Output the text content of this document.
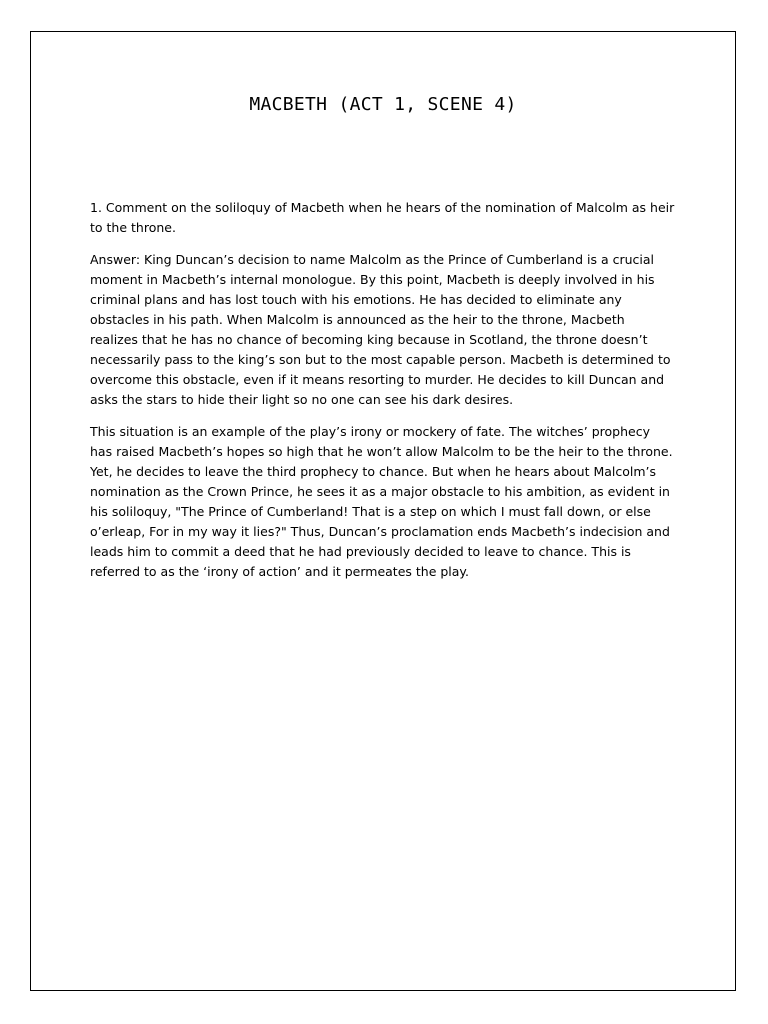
MACBETH (ACT 1, SCENE 4)

1. Comment on the soliloquy of Macbeth when he hears of the nomination of Malcolm as heir to the throne.

Answer: King Duncan’s decision to name Malcolm as the Prince of Cumberland is a crucial moment in Macbeth’s internal monologue. By this point, Macbeth is deeply involved in his criminal plans and has lost touch with his emotions. He has decided to eliminate any obstacles in his path. When Malcolm is announced as the heir to the throne, Macbeth realizes that he has no chance of becoming king because in Scotland, the throne doesn’t necessarily pass to the king’s son but to the most capable person. Macbeth is determined to overcome this obstacle, even if it means resorting to murder. He decides to kill Duncan and asks the stars to hide their light so no one can see his dark desires.

This situation is an example of the play’s irony or mockery of fate. The witches’ prophecy has raised Macbeth’s hopes so high that he won’t allow Malcolm to be the heir to the throne. Yet, he decides to leave the third prophecy to chance. But when he hears about Malcolm’s nomination as the Crown Prince, he sees it as a major obstacle to his ambition, as evident in his soliloquy, "The Prince of Cumberland! That is a step on which I must fall down, or else o’erleap, For in my way it lies?" Thus, Duncan’s proclamation ends Macbeth’s indecision and leads him to commit a deed that he had previously decided to leave to chance. This is referred to as the ‘irony of action’ and it permeates the play.
